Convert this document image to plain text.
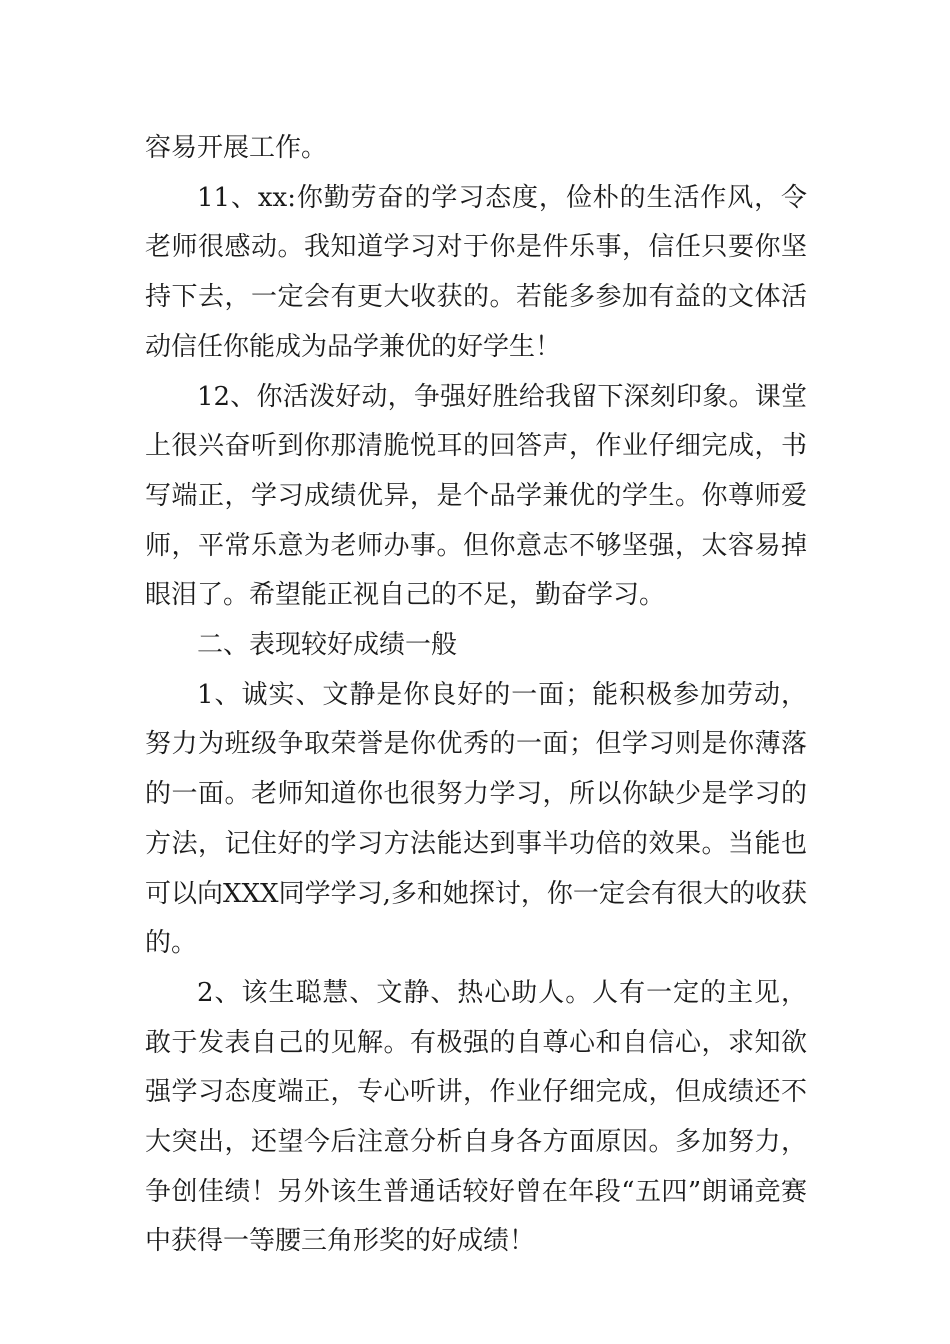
容易开展工作。

11、xx:你勤劳奋的学习态度，俭朴的生活作风，令老师很感动。我知道学习对于你是件乐事，信任只要你坚持下去，一定会有更大收获的。若能多参加有益的文体活动信任你能成为品学兼优的好学生！

12、你活泼好动，争强好胜给我留下深刻印象。课堂上很兴奋听到你那清脆悦耳的回答声，作业仔细完成，书写端正，学习成绩优异，是个品学兼优的学生。你尊师爱师，平常乐意为老师办事。但你意志不够坚强，太容易掉眼泪了。希望能正视自己的不足，勤奋学习。

二、表现较好成绩一般

1、诚实、文静是你良好的一面；能积极参加劳动，努力为班级争取荣誉是你优秀的一面；但学习则是你薄落的一面。老师知道你也很努力学习，所以你缺少是学习的方法，记住好的学习方法能达到事半功倍的效果。当能也可以向XXX同学学习,多和她探讨，你一定会有很大的收获的。

2、该生聪慧、文静、热心助人。人有一定的主见，敢于发表自己的见解。有极强的自尊心和自信心，求知欲强学习态度端正，专心听讲，作业仔细完成，但成绩还不大突出，还望今后注意分析自身各方面原因。多加努力，争创佳绩！另外该生普通话较好曾在年段“五四”朗诵竞赛中获得一等腰三角形奖的好成绩！
